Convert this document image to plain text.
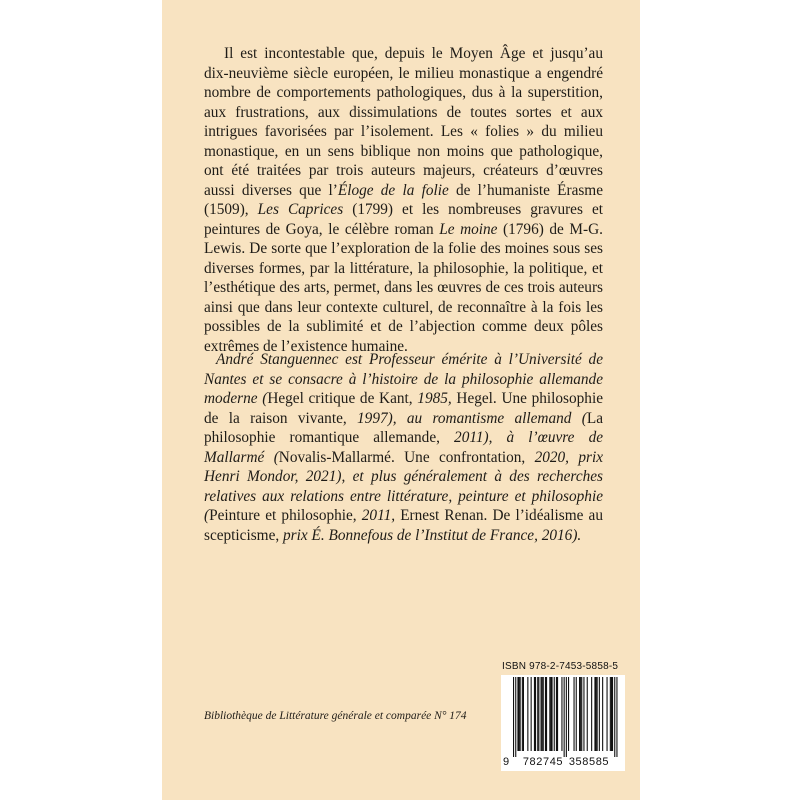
Il est incontestable que, depuis le Moyen Âge et jusqu’au dix-neuvième siècle européen, le milieu monastique a engendré nombre de comportements pathologiques, dus à la superstition, aux frustrations, aux dissimulations de toutes sortes et aux intrigues favorisées par l’isolement. Les « folies » du milieu monastique, en un sens biblique non moins que pathologique, ont été traitées par trois auteurs majeurs, créateurs d’œuvres aussi diverses que l’Éloge de la folie de l’humaniste Érasme (1509), Les Caprices (1799) et les nombreuses gravures et peintures de Goya, le célèbre roman Le moine (1796) de M-G. Lewis. De sorte que l’exploration de la folie des moines sous ses diverses formes, par la littérature, la philosophie, la politique, et l’esthétique des arts, permet, dans les œuvres de ces trois auteurs ainsi que dans leur contexte culturel, de reconnaître à la fois les possibles de la sublimité et de l’abjection comme deux pôles extrêmes de l’existence humaine.

André Stanguennec est Professeur émérite à l’Université de Nantes et se consacre à l’histoire de la philosophie allemande moderne (Hegel critique de Kant, 1985, Hegel. Une philosophie de la raison vivante, 1997), au romantisme allemand (La philosophie romantique allemande, 2011), à l’œuvre de Mallarmé (Novalis-Mallarmé. Une confrontation, 2020, prix Henri Mondor, 2021), et plus généralement à des recherches relatives aux relations entre littérature, peinture et philosophie (Peinture et philosophie, 2011, Ernest Renan. De l’idéalisme au scepticisme, prix É. Bonnefous de l’Institut de France, 2016).

Bibliothèque de Littérature générale et comparée N° 174

ISBN 978-2-7453-5858-5
9 782745 358585
